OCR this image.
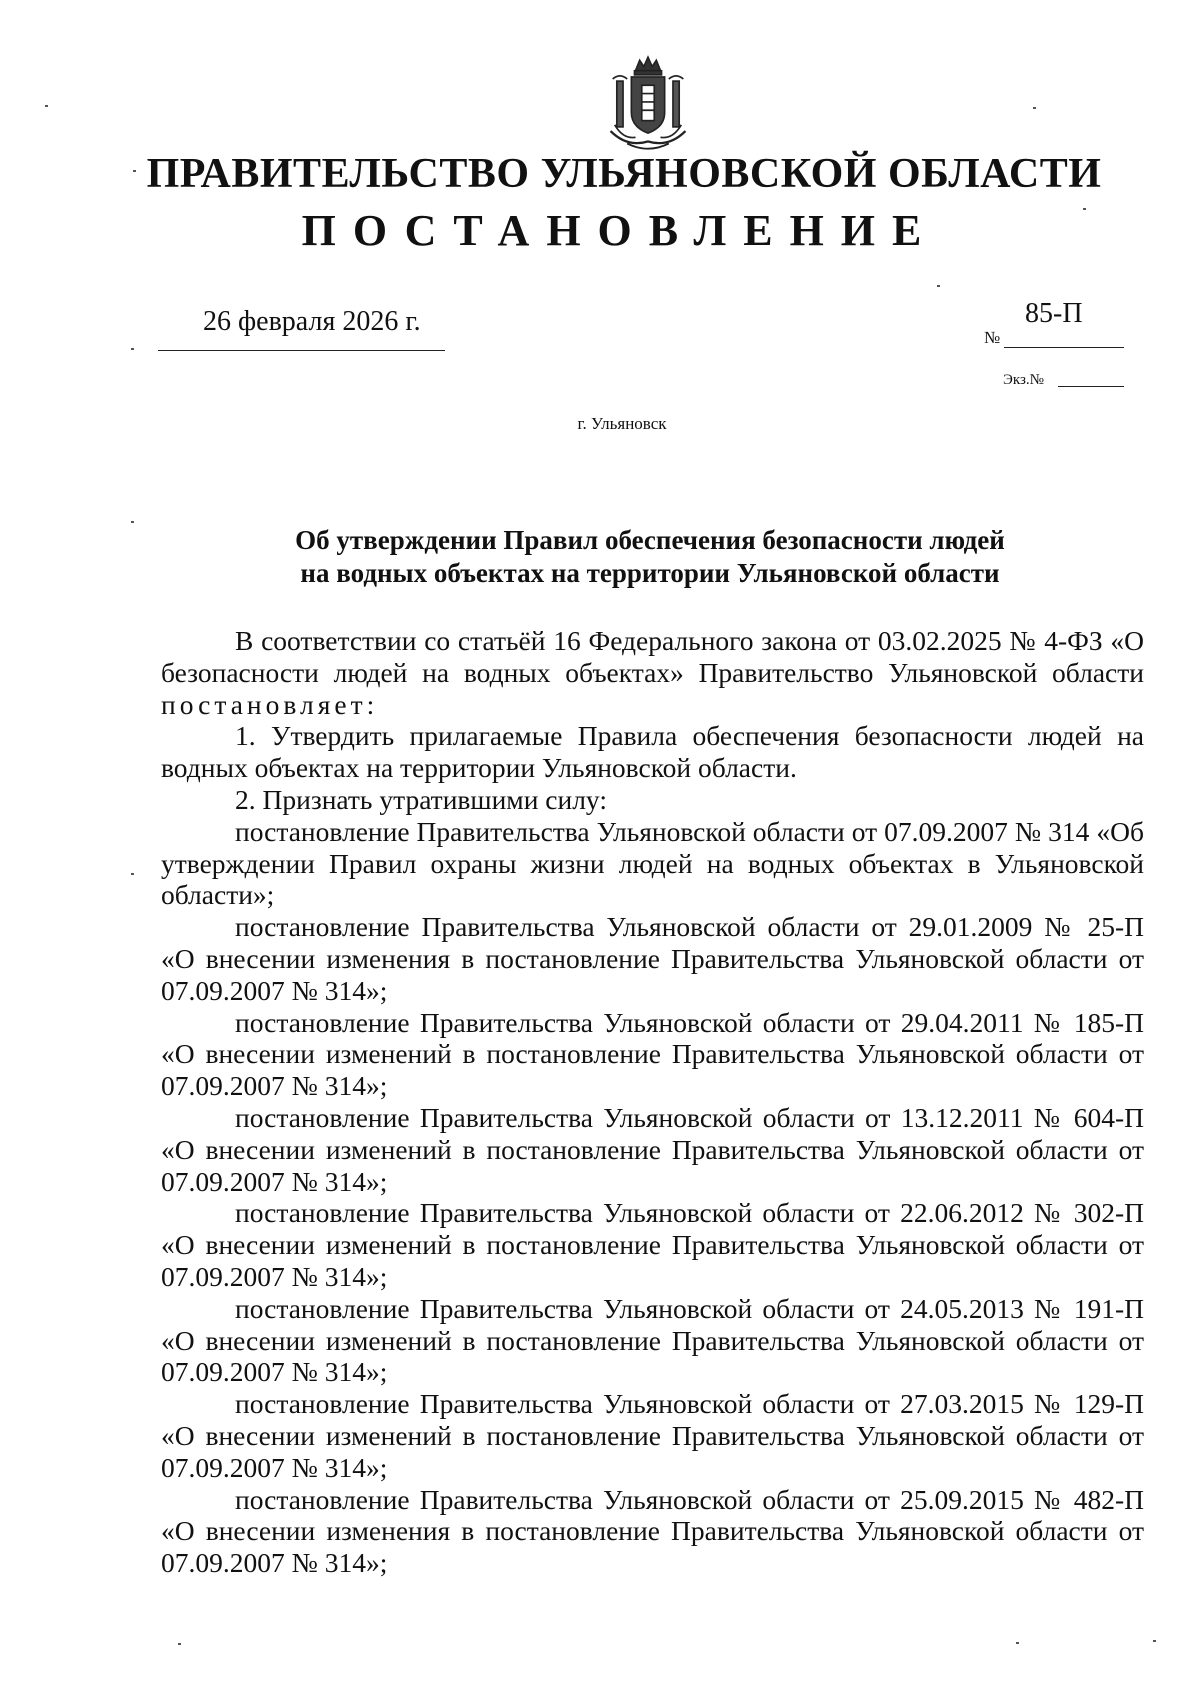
ПРАВИТЕЛЬСТВО УЛЬЯНОВСКОЙ ОБЛАСТИ
ПОСТАНОВЛЕНИЕ
26 февраля 2026 г.	85-П
№
Экз.№
г. Ульяновск
Об утверждении Правил обеспечения безопасности людей
на водных объектах на территории Ульяновской области

В соответствии со статьёй 16 Федерального закона от 03.02.2025 № 4-ФЗ «О безопасности людей на водных объектах» Правительство Ульяновской области постановляет:

1. Утвердить прилагаемые Правила обеспечения безопасности людей на водных объектах на территории Ульяновской области.

2. Признать утратившими силу:

постановление Правительства Ульяновской области от 07.09.2007 № 314 «Об утверждении Правил охраны жизни людей на водных объектах в Ульяновской области»;

постановление Правительства Ульяновской области от 29.01.2009 № 25-П «О внесении изменения в постановление Правительства Ульяновской области от 07.09.2007 № 314»;

постановление Правительства Ульяновской области от 29.04.2011 № 185-П «О внесении изменений в постановление Правительства Ульяновской области от 07.09.2007 № 314»;

постановление Правительства Ульяновской области от 13.12.2011 № 604-П «О внесении изменений в постановление Правительства Ульяновской области от 07.09.2007 № 314»;

постановление Правительства Ульяновской области от 22.06.2012 № 302-П «О внесении изменений в постановление Правительства Ульяновской области от 07.09.2007 № 314»;

постановление Правительства Ульяновской области от 24.05.2013 № 191-П «О внесении изменений в постановление Правительства Ульяновской области от 07.09.2007 № 314»;

постановление Правительства Ульяновской области от 27.03.2015 № 129-П «О внесении изменений в постановление Правительства Ульяновской области от 07.09.2007 № 314»;

постановление Правительства Ульяновской области от 25.09.2015 № 482-П «О внесении изменения в постановление Правительства Ульяновской области от 07.09.2007 № 314»;
